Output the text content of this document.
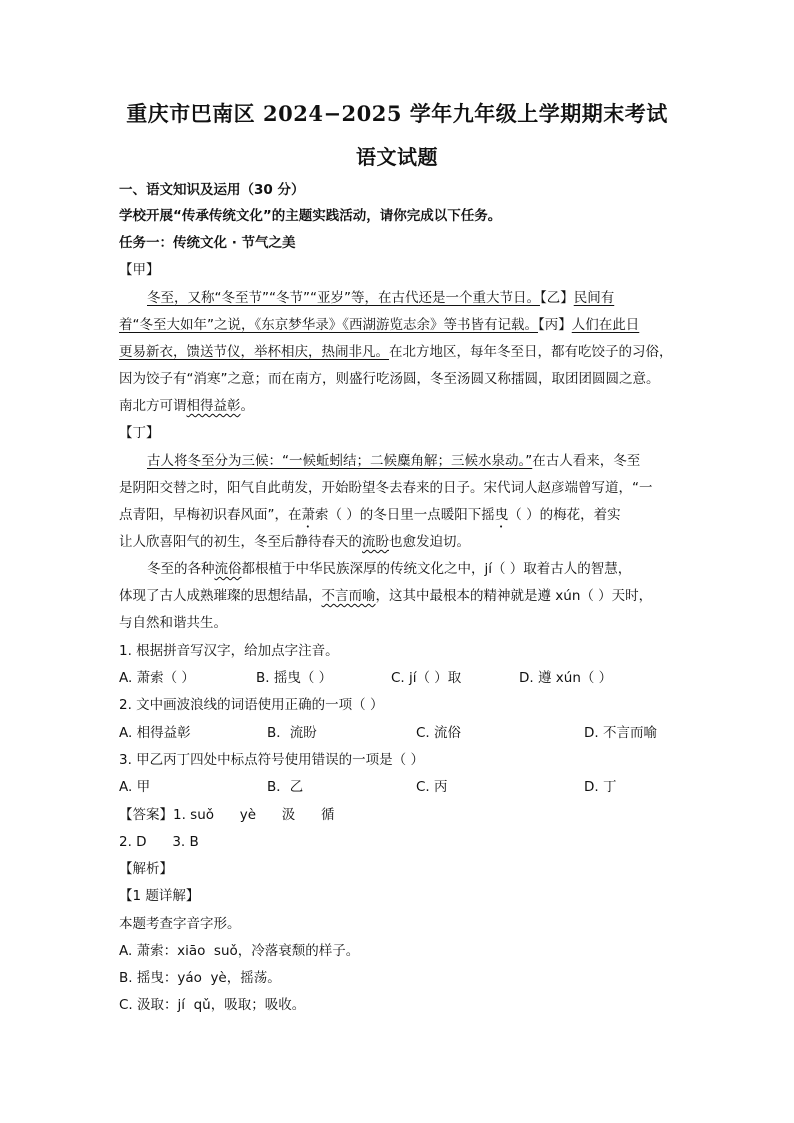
重庆市巴南区 2024−2025 学年九年级上学期期末考试
语文试题
一、语文知识及运用（30 分）
学校开展“传承传统文化”的主题实践活动，请你完成以下任务。
任务一：传统文化 · 节气之美
【甲】
冬至，又称“冬至节”“冬节”“亚岁”等，在古代还是一个重大节日。【乙】民间有
着“冬至大如年”之说，《东京梦华录》《西湖游览志余》等书皆有记载。【丙】人们在此日
更易新衣，馈送节仪，举杯相庆，热闹非凡。在北方地区，每年冬至日，都有吃饺子的习俗，
因为饺子有“消寒”之意；而在南方，则盛行吃汤圆，冬至汤圆又称擂圆，取团团圆圆之意。
南北方可谓相得益彰。
【丁】
古人将冬至分为三候：“一候蚯蚓结；二候麋角解；三候水泉动。”在古人看来，冬至
是阴阳交替之时，阳气自此萌发，开始盼望冬去春来的日子。宋代词人赵彦端曾写道，“一
点青阳，早梅初识春风面”，在萧索（ ）的冬日里一点暖阳下摇曳（ ）的梅花，着实
让人欣喜阳气的初生，冬至后静待春天的流盼也愈发迫切。
冬至的各种流俗都根植于中华民族深厚的传统文化之中，jí（ ）取着古人的智慧，
体现了古人成熟璀璨的思想结晶，不言而喻，这其中最根本的精神就是遵 xún（ ）天时，
与自然和谐共生。
1. 根据拼音写汉字，给加点字注音。
A. 萧索（ ）	B. 摇曳（ ）	C. jí（ ）取	D. 遵 xún（ ）
2. 文中画波浪线的词语使用正确的一项（ ）
A. 相得益彰	B．流盼	C. 流俗	D. 不言而喻
3. 甲乙丙丁四处中标点符号使用错误的一项是（ ）
A. 甲	B．乙	C. 丙	D. 丁
【答案】1. suǒ      yè      汲      循
2. D      3. B
【解析】
【1 题详解】
本题考查字音字形。
A. 萧索：xiāo  suǒ，冷落衰颓的样子。
B. 摇曳：yáo  yè，摇荡。
C. 汲取：jí  qǔ，吸取；吸收。
